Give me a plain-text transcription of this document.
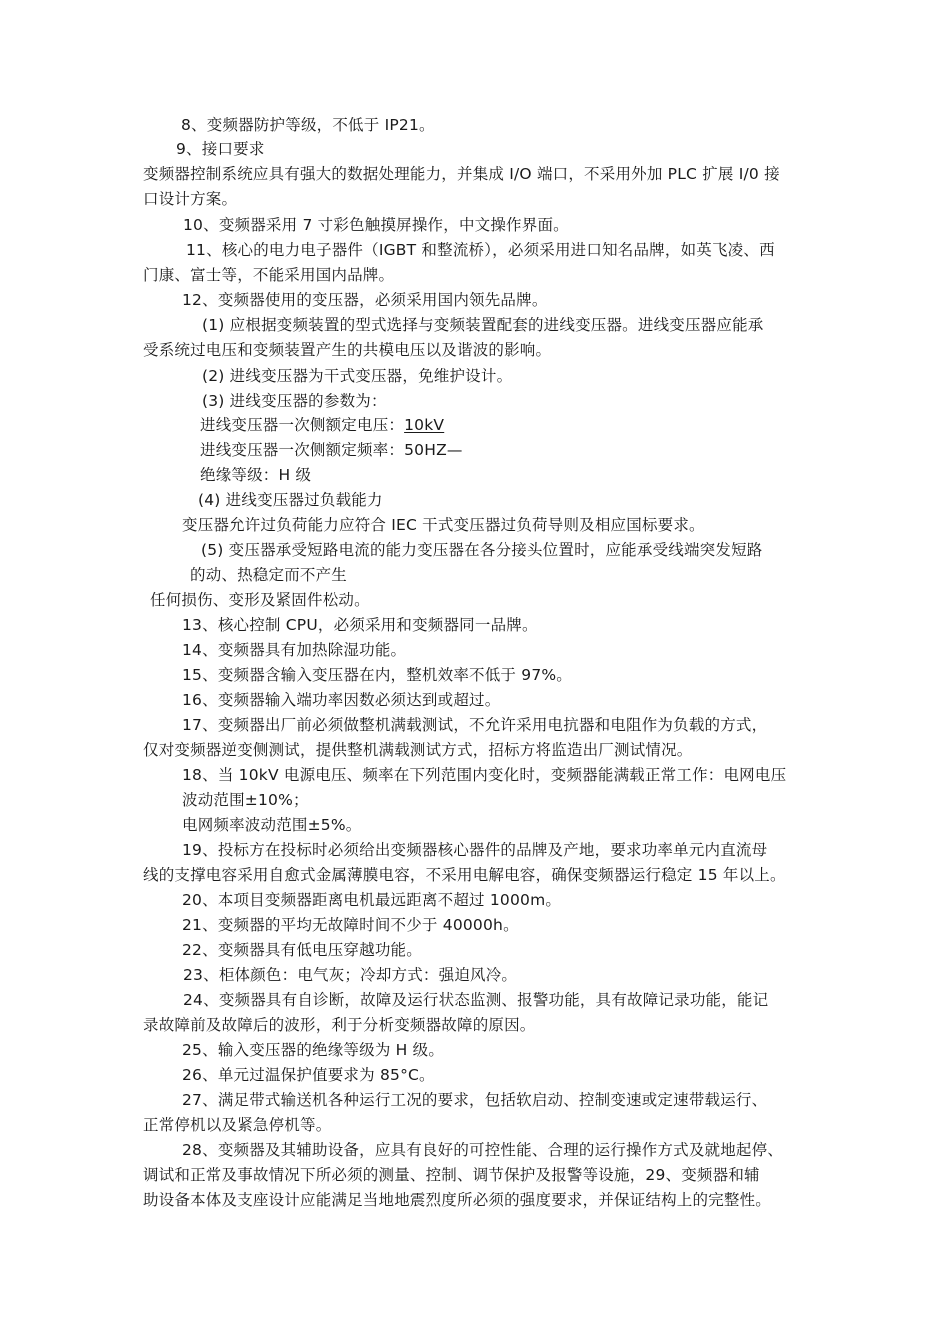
8、变频器防护等级，不低于 IP21。
9、接口要求
变频器控制系统应具有强大的数据处理能力，并集成 I/O 端口，不采用外加 PLC 扩展 I/0 接
口设计方案。
10、变频器采用 7 寸彩色触摸屏操作，中文操作界面。
11、核心的电力电子器件（IGBT 和整流桥），必须采用进口知名品牌，如英飞凌、西
门康、富士等，不能采用国内品牌。
12、变频器使用的变压器，必须采用国内领先品牌。
(1) 应根据变频装置的型式选择与变频装置配套的进线变压器。进线变压器应能承
受系统过电压和变频装置产生的共模电压以及谐波的影响。
(2) 进线变压器为干式变压器，免维护设计。
(3) 进线变压器的参数为：
进线变压器一次侧额定电压：10kV
进线变压器一次侧额定频率：50HZ—
绝缘等级：H 级
(4) 进线变压器过负载能力
变压器允许过负荷能力应符合 IEC 干式变压器过负荷导则及相应国标要求。
(5) 变压器承受短路电流的能力变压器在各分接头位置时，应能承受线端突发短路
的动、热稳定而不产生
任何损伤、变形及紧固件松动。
13、核心控制 CPU，必须采用和变频器同一品牌。
14、变频器具有加热除湿功能。
15、变频器含输入变压器在内，整机效率不低于 97%。
16、变频器输入端功率因数必须达到或超过。
17、变频器出厂前必须做整机满载测试，不允许采用电抗器和电阻作为负载的方式，
仅对变频器逆变侧测试，提供整机满载测试方式，招标方将监造出厂测试情况。
18、当 10kV 电源电压、频率在下列范围内变化时，变频器能满载正常工作：电网电压
波动范围±10%；
电网频率波动范围±5%。
19、投标方在投标时必须给出变频器核心器件的品牌及产地，要求功率单元内直流母
线的支撑电容采用自愈式金属薄膜电容，不采用电解电容，确保变频器运行稳定 15 年以上。
20、本项目变频器距离电机最远距离不超过 1000m。
21、变频器的平均无故障时间不少于 40000h。
22、变频器具有低电压穿越功能。
23、柜体颜色：电气灰；冷却方式：强迫风冷。
24、变频器具有自诊断，故障及运行状态监测、报警功能，具有故障记录功能，能记
录故障前及故障后的波形，利于分析变频器故障的原因。
25、输入变压器的绝缘等级为 H 级。
26、单元过温保护值要求为 85°C。
27、满足带式输送机各种运行工况的要求，包括软启动、控制变速或定速带载运行、
正常停机以及紧急停机等。
28、变频器及其辅助设备，应具有良好的可控性能、合理的运行操作方式及就地起停、
调试和正常及事故情况下所必须的测量、控制、调节保护及报警等设施，29、变频器和辅
助设备本体及支座设计应能满足当地地震烈度所必须的强度要求，并保证结构上的完整性。
